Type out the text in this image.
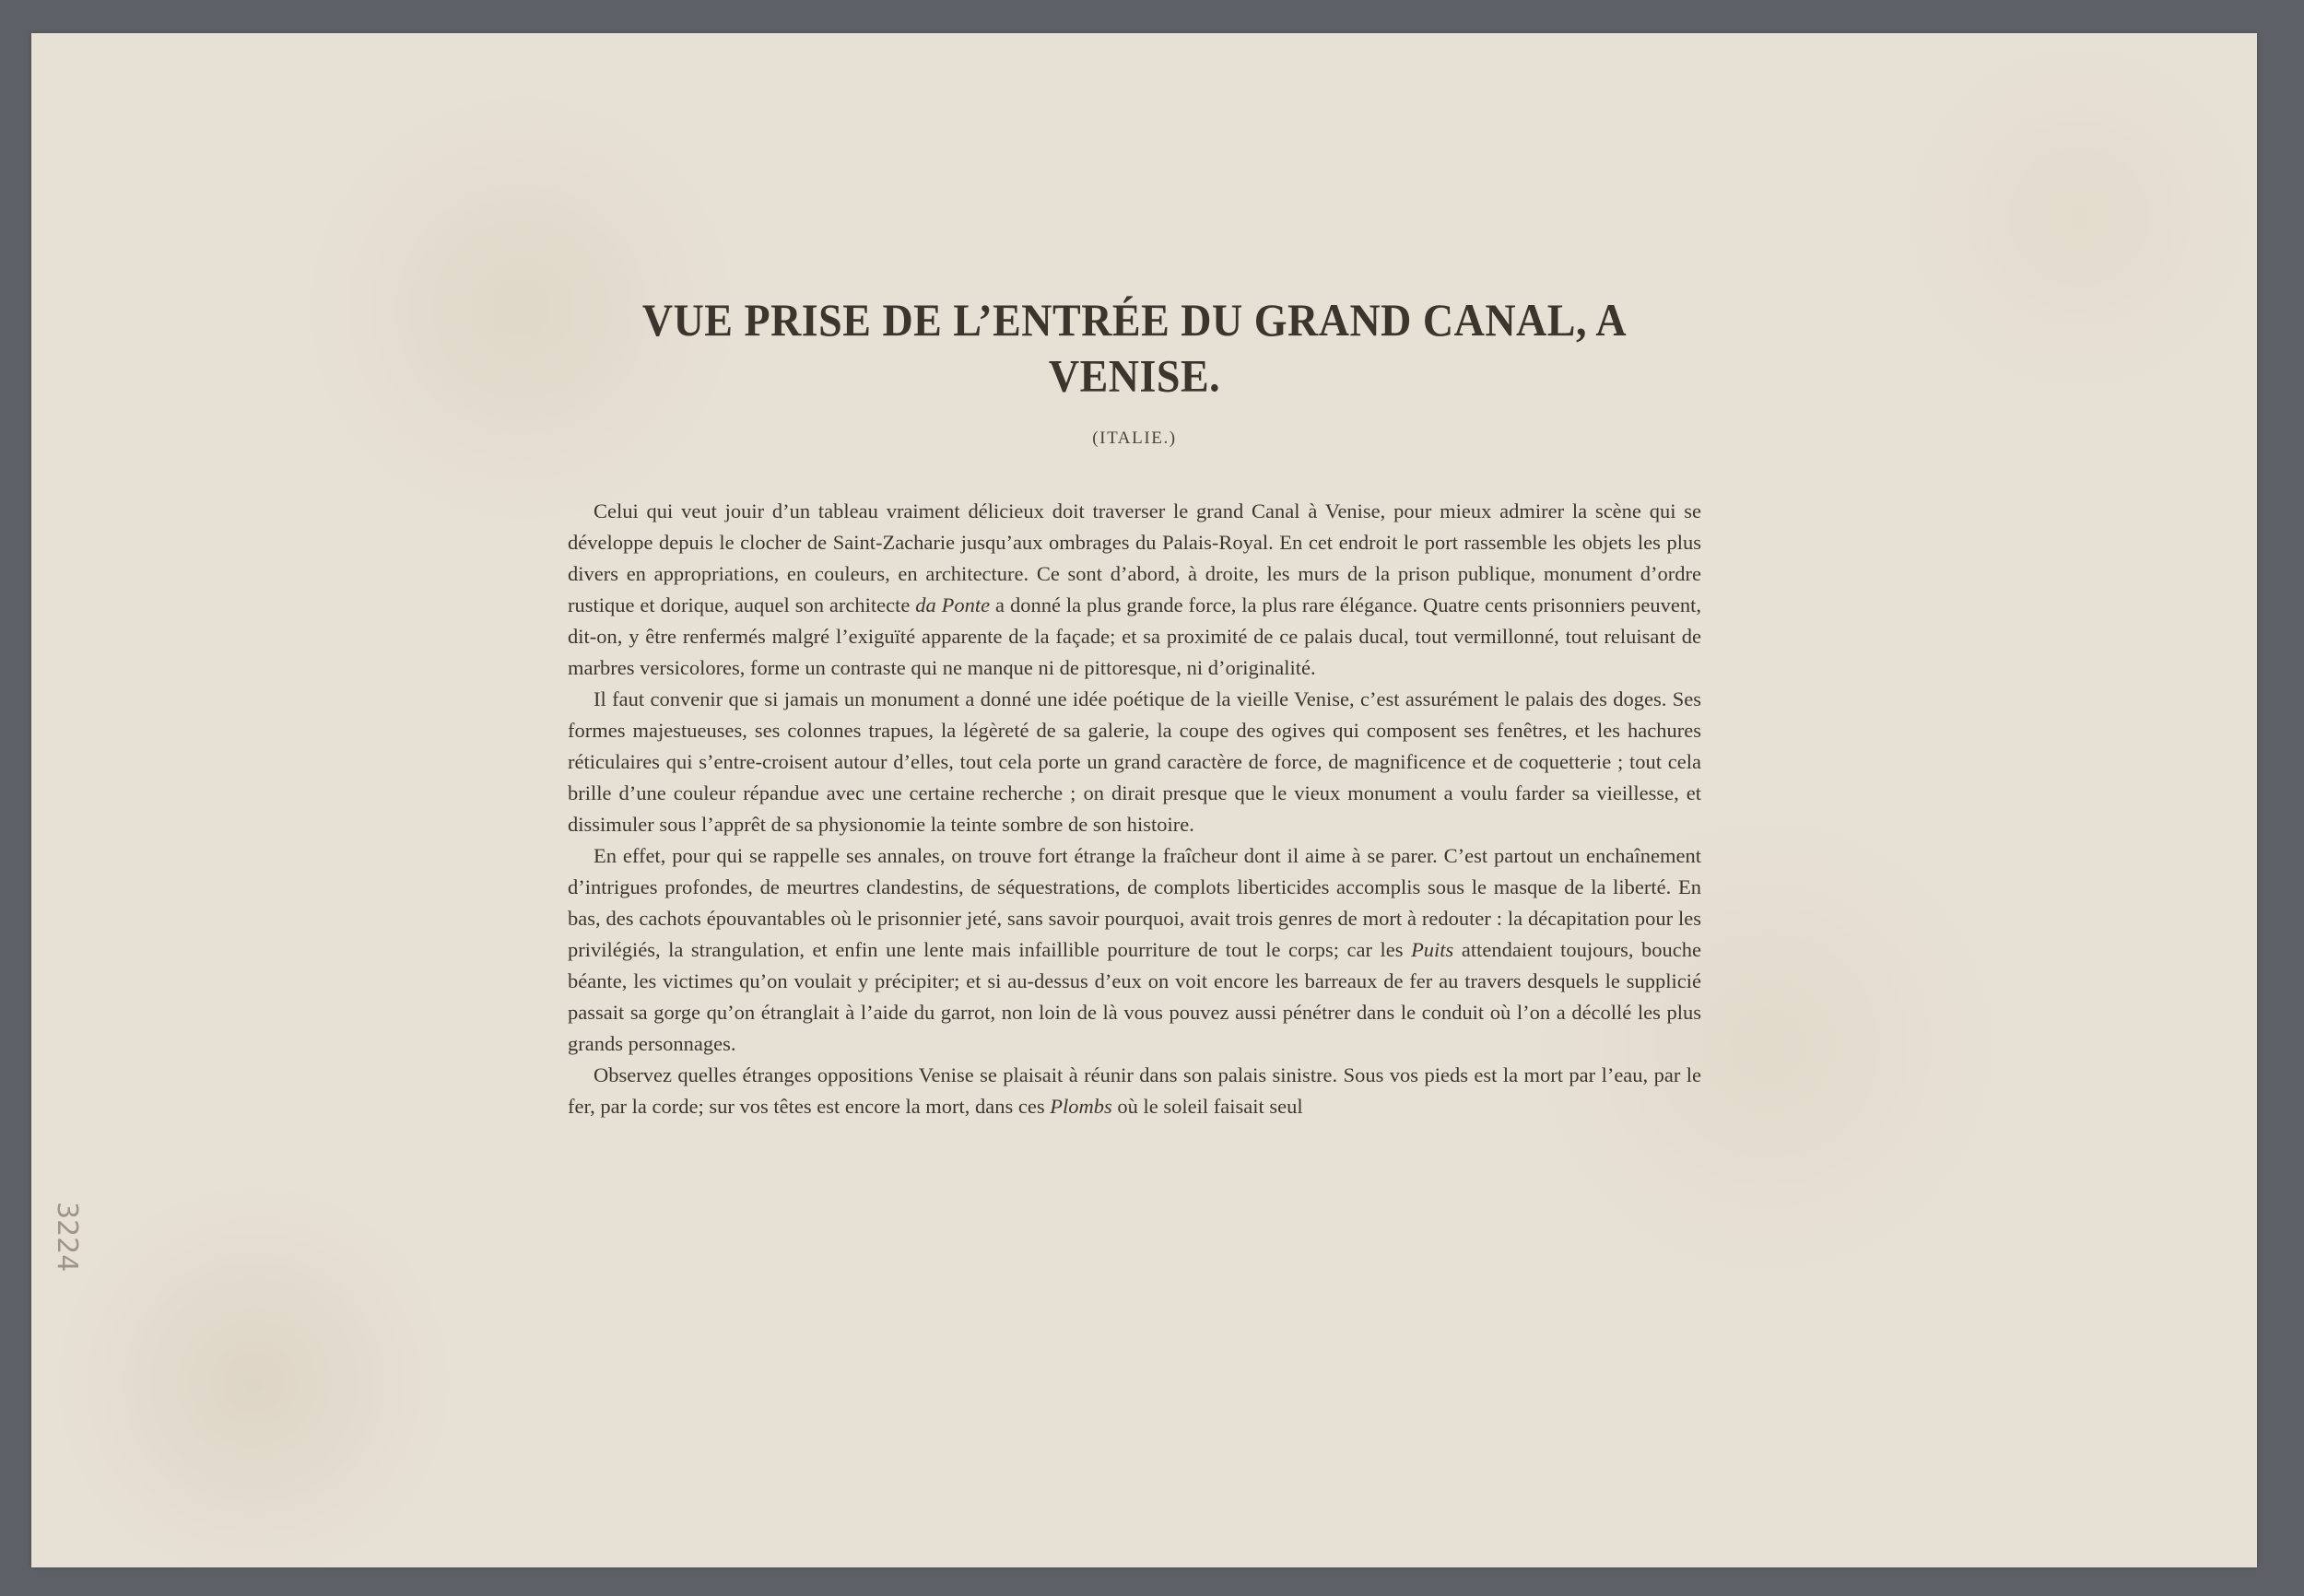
VUE PRISE DE L’ENTRÉE DU GRAND CANAL, A VENISE.
(ITALIE.)

Celui qui veut jouir d’un tableau vraiment délicieux doit traverser le grand Canal à Venise, pour mieux admirer la scène qui se développe depuis le clocher de Saint-Zacharie jusqu’aux ombrages du Palais-Royal. En cet endroit le port rassemble les objets les plus divers en appropriations, en couleurs, en architecture. Ce sont d’abord, à droite, les murs de la prison publique, monument d’ordre rustique et dorique, auquel son architecte da Ponte a donné la plus grande force, la plus rare élégance. Quatre cents prisonniers peuvent, dit-on, y être renfermés malgré l’exiguïté apparente de la façade; et sa proximité de ce palais ducal, tout vermillonné, tout reluisant de marbres versicolores, forme un contraste qui ne manque ni de pittoresque, ni d’originalité.

Il faut convenir que si jamais un monument a donné une idée poétique de la vieille Venise, c’est assurément le palais des doges. Ses formes majestueuses, ses colonnes trapues, la légèreté de sa galerie, la coupe des ogives qui composent ses fenêtres, et les hachures réticulaires qui s’entre-croisent autour d’elles, tout cela porte un grand caractère de force, de magnificence et de coquetterie ; tout cela brille d’une couleur répandue avec une certaine recherche ; on dirait presque que le vieux monument a voulu farder sa vieillesse, et dissimuler sous l’apprêt de sa physionomie la teinte sombre de son histoire.

En effet, pour qui se rappelle ses annales, on trouve fort étrange la fraîcheur dont il aime à se parer. C’est partout un enchaînement d’intrigues profondes, de meurtres clandestins, de séquestrations, de complots liberticides accomplis sous le masque de la liberté. En bas, des cachots épouvantables où le prisonnier jeté, sans savoir pourquoi, avait trois genres de mort à redouter : la décapitation pour les privilégiés, la strangulation, et enfin une lente mais infaillible pourriture de tout le corps; car les Puits attendaient toujours, bouche béante, les victimes qu’on voulait y précipiter; et si au-dessus d’eux on voit encore les barreaux de fer au travers desquels le supplicié passait sa gorge qu’on étranglait à l’aide du garrot, non loin de là vous pouvez aussi pénétrer dans le conduit où l’on a décollé les plus grands personnages.

Observez quelles étranges oppositions Venise se plaisait à réunir dans son palais sinistre. Sous vos pieds est la mort par l’eau, par le fer, par la corde; sur vos têtes est encore la mort, dans ces Plombs où le soleil faisait seul

3224
